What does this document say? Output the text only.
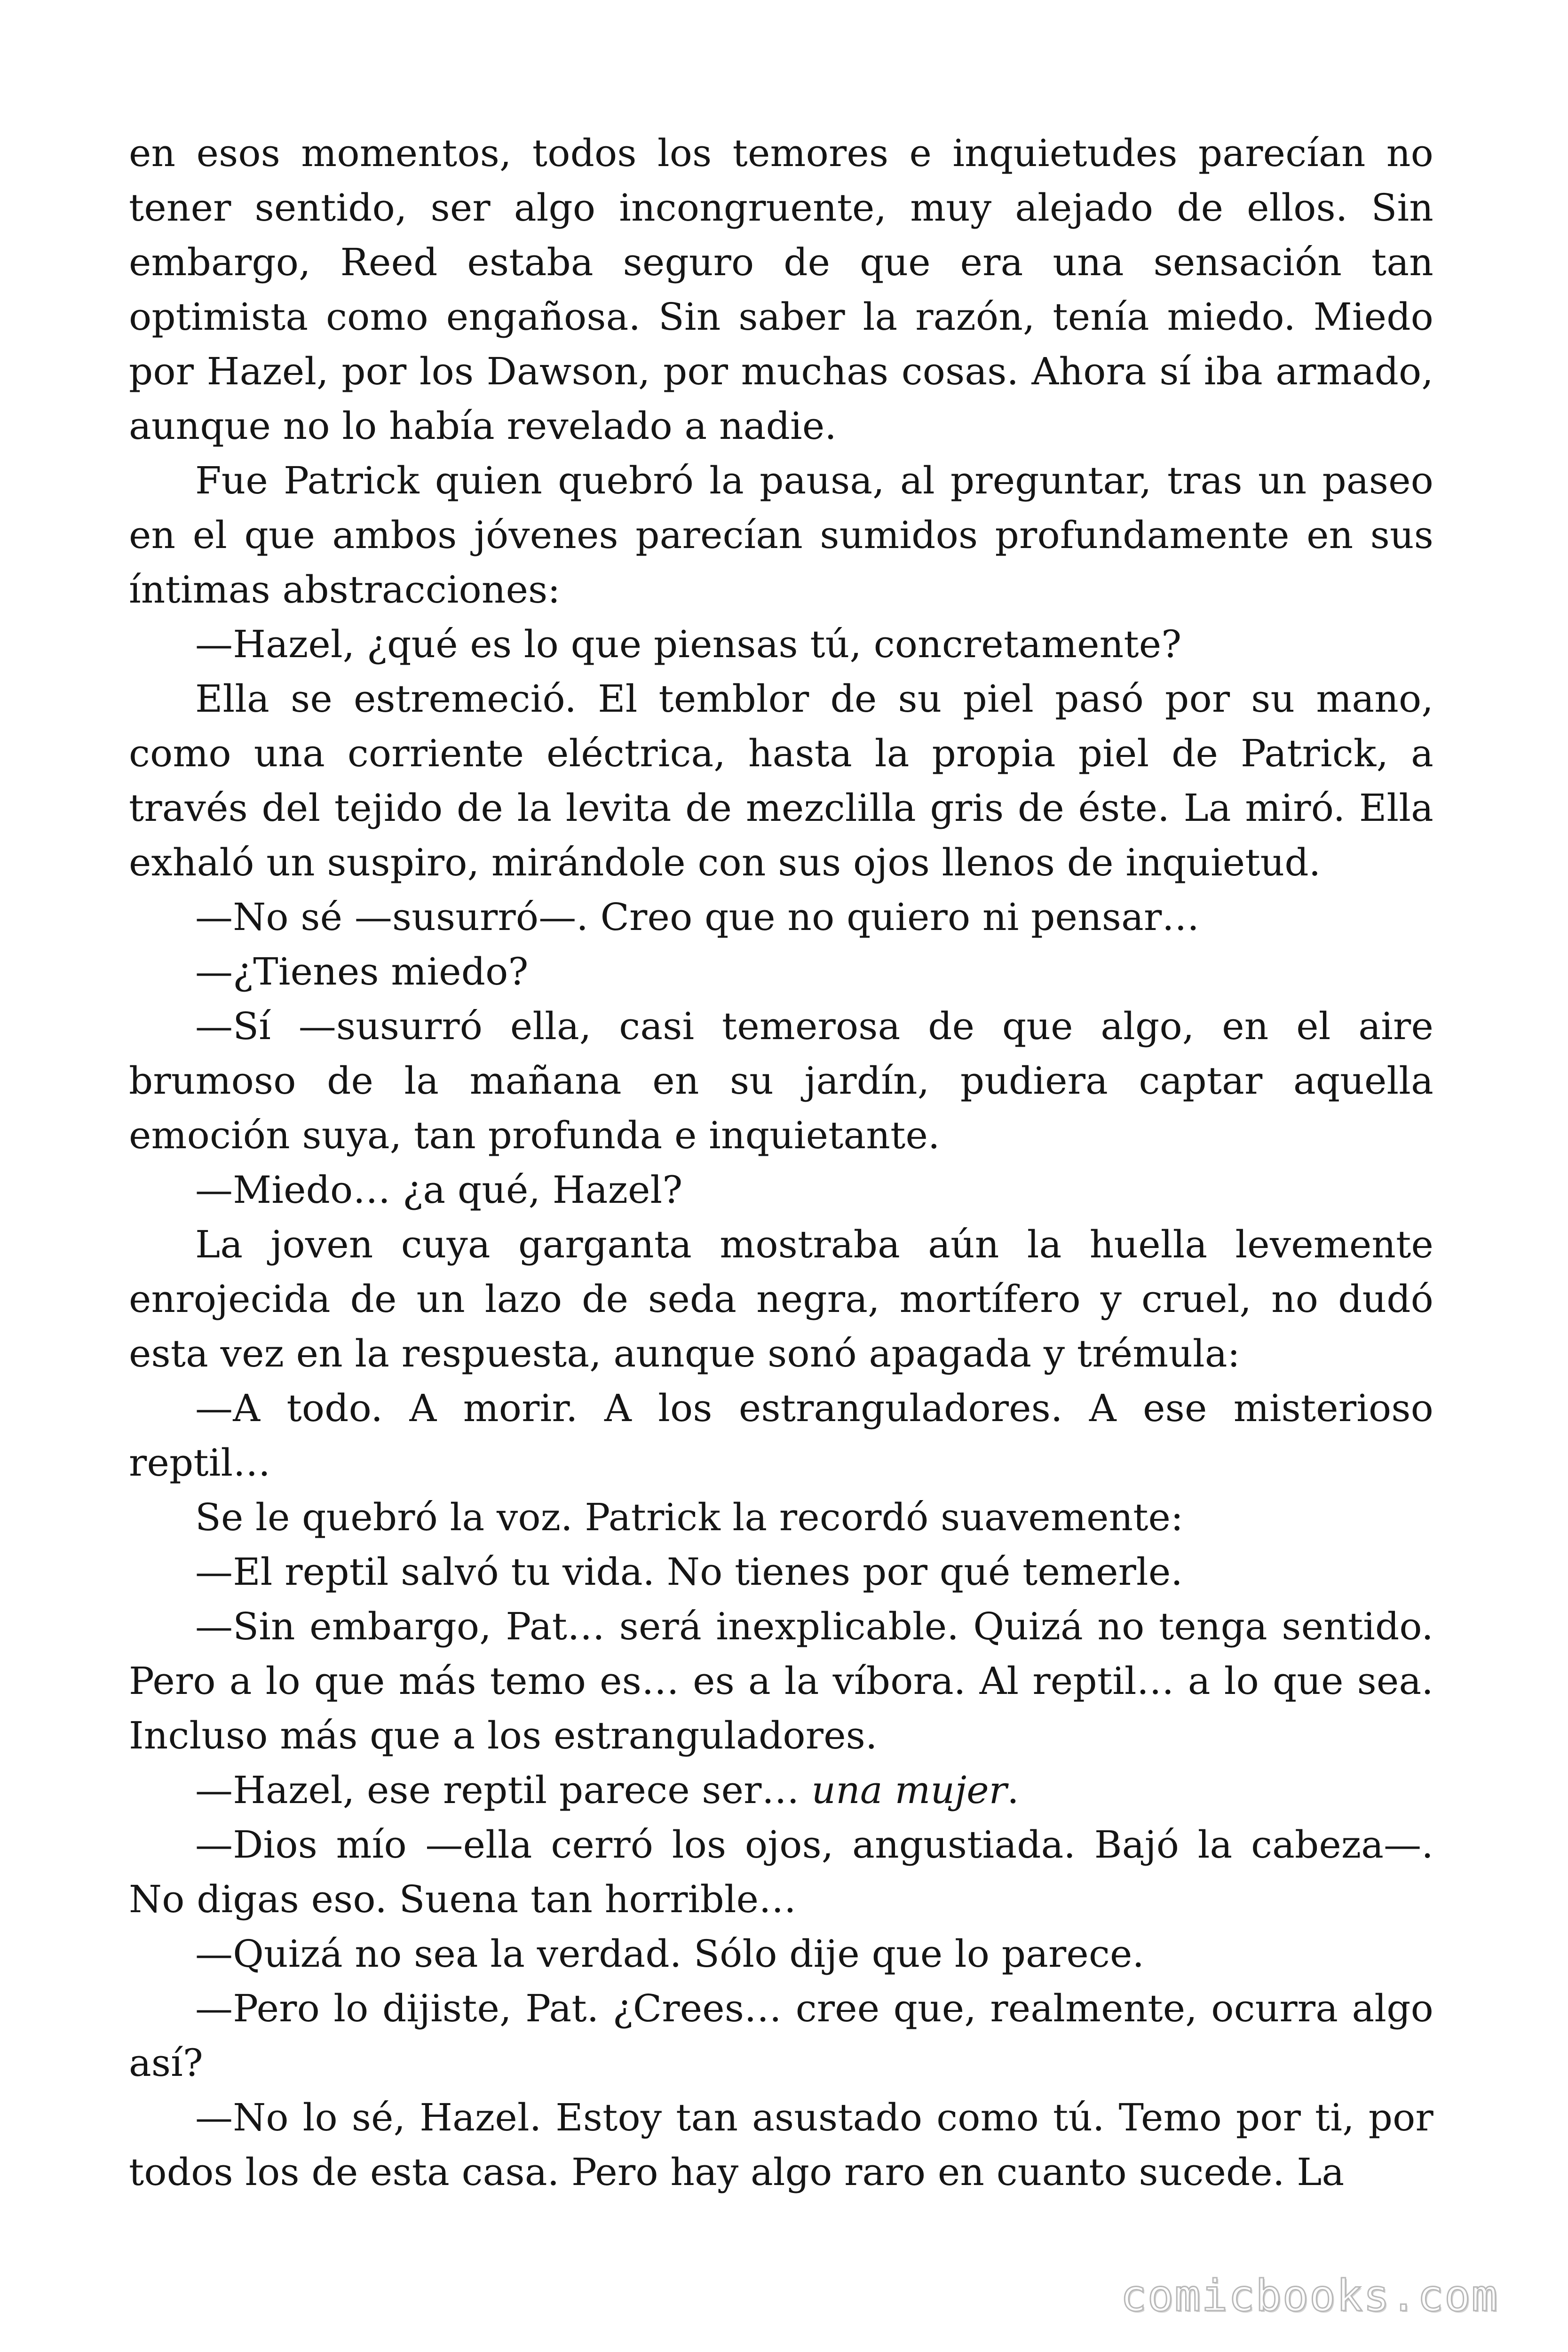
en esos momentos, todos los temores e inquietudes parecían no tener sentido, ser algo incongruente, muy alejado de ellos. Sin embargo, Reed estaba seguro de que era una sensación tan optimista como engañosa. Sin saber la razón, tenía miedo. Miedo por Hazel, por los Dawson, por muchas cosas. Ahora sí iba armado, aunque no lo había revelado a nadie.

Fue Patrick quien quebró la pausa, al preguntar, tras un paseo en el que ambos jóvenes parecían sumidos profundamente en sus íntimas abstracciones:

—Hazel, ¿qué es lo que piensas tú, concretamente?

Ella se estremeció. El temblor de su piel pasó por su mano, como una corriente eléctrica, hasta la propia piel de Patrick, a través del tejido de la levita de mezclilla gris de éste. La miró. Ella exhaló un suspiro, mirándole con sus ojos llenos de inquietud.

—No sé —susurró—. Creo que no quiero ni pensar…

—¿Tienes miedo?

—Sí —susurró ella, casi temerosa de que algo, en el aire brumoso de la mañana en su jardín, pudiera captar aquella emoción suya, tan profunda e inquietante.

—Miedo… ¿a qué, Hazel?

La joven cuya garganta mostraba aún la huella levemente enrojecida de un lazo de seda negra, mortífero y cruel, no dudó esta vez en la respuesta, aunque sonó apagada y trémula:

—A todo. A morir. A los estranguladores. A ese misterioso reptil…

Se le quebró la voz. Patrick la recordó suavemente:

—El reptil salvó tu vida. No tienes por qué temerle.

—Sin embargo, Pat… será inexplicable. Quizá no tenga sentido. Pero a lo que más temo es… es a la víbora. Al reptil… a lo que sea. Incluso más que a los estranguladores.

—Hazel, ese reptil parece ser… una mujer.

—Dios mío —ella cerró los ojos, angustiada. Bajó la cabeza—. No digas eso. Suena tan horrible…

—Quizá no sea la verdad. Sólo dije que lo parece.

—Pero lo dijiste, Pat. ¿Crees… cree que, realmente, ocurra algo así?

—No lo sé, Hazel. Estoy tan asustado como tú. Temo por ti, por todos los de esta casa. Pero hay algo raro en cuanto sucede. La

comicbooks.com
